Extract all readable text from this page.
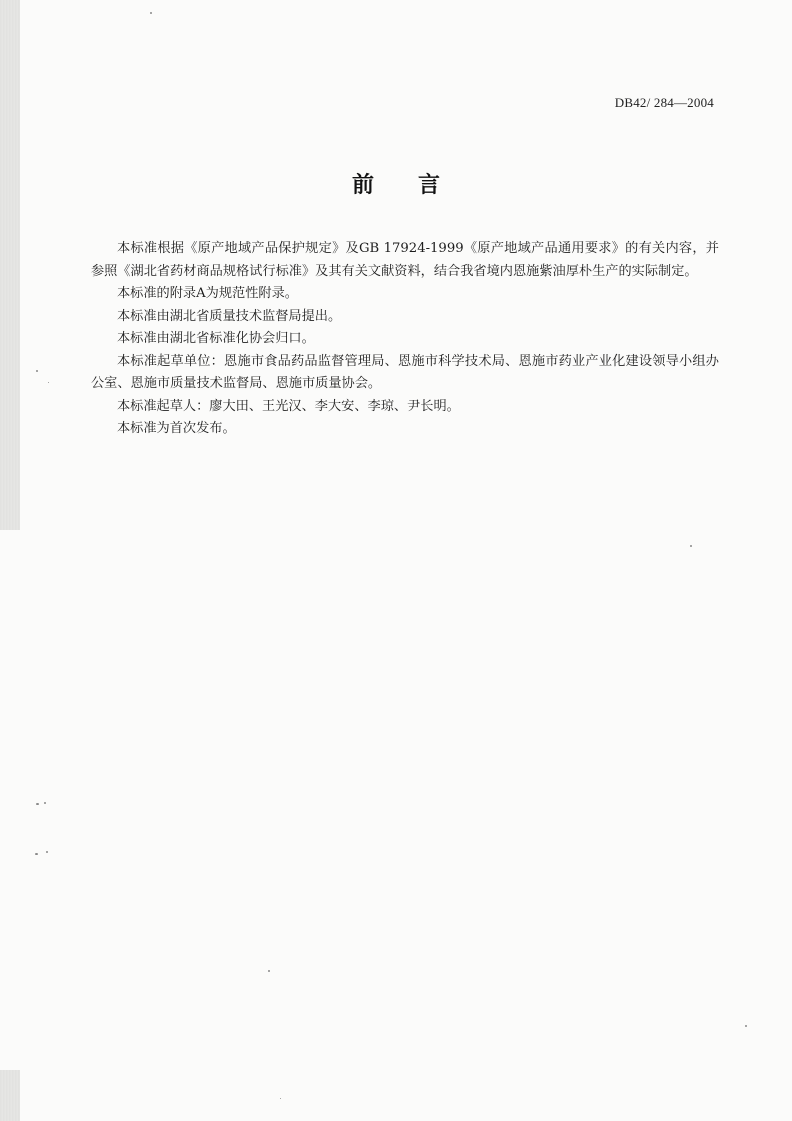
DB42/ 284—2004
前言

本标准根据《原产地域产品保护规定》及GB 17924-1999《原产地域产品通用要求》的有关内容，并参照《湖北省药材商品规格试行标准》及其有关文献资料，结合我省境内恩施紫油厚朴生产的实际制定。

本标准的附录A为规范性附录。

本标准由湖北省质量技术监督局提出。

本标准由湖北省标准化协会归口。

本标准起草单位：恩施市食品药品监督管理局、恩施市科学技术局、恩施市药业产业化建设领导小组办公室、恩施市质量技术监督局、恩施市质量协会。

本标准起草人：廖大田、王光汉、李大安、李琼、尹长明。

本标准为首次发布。
